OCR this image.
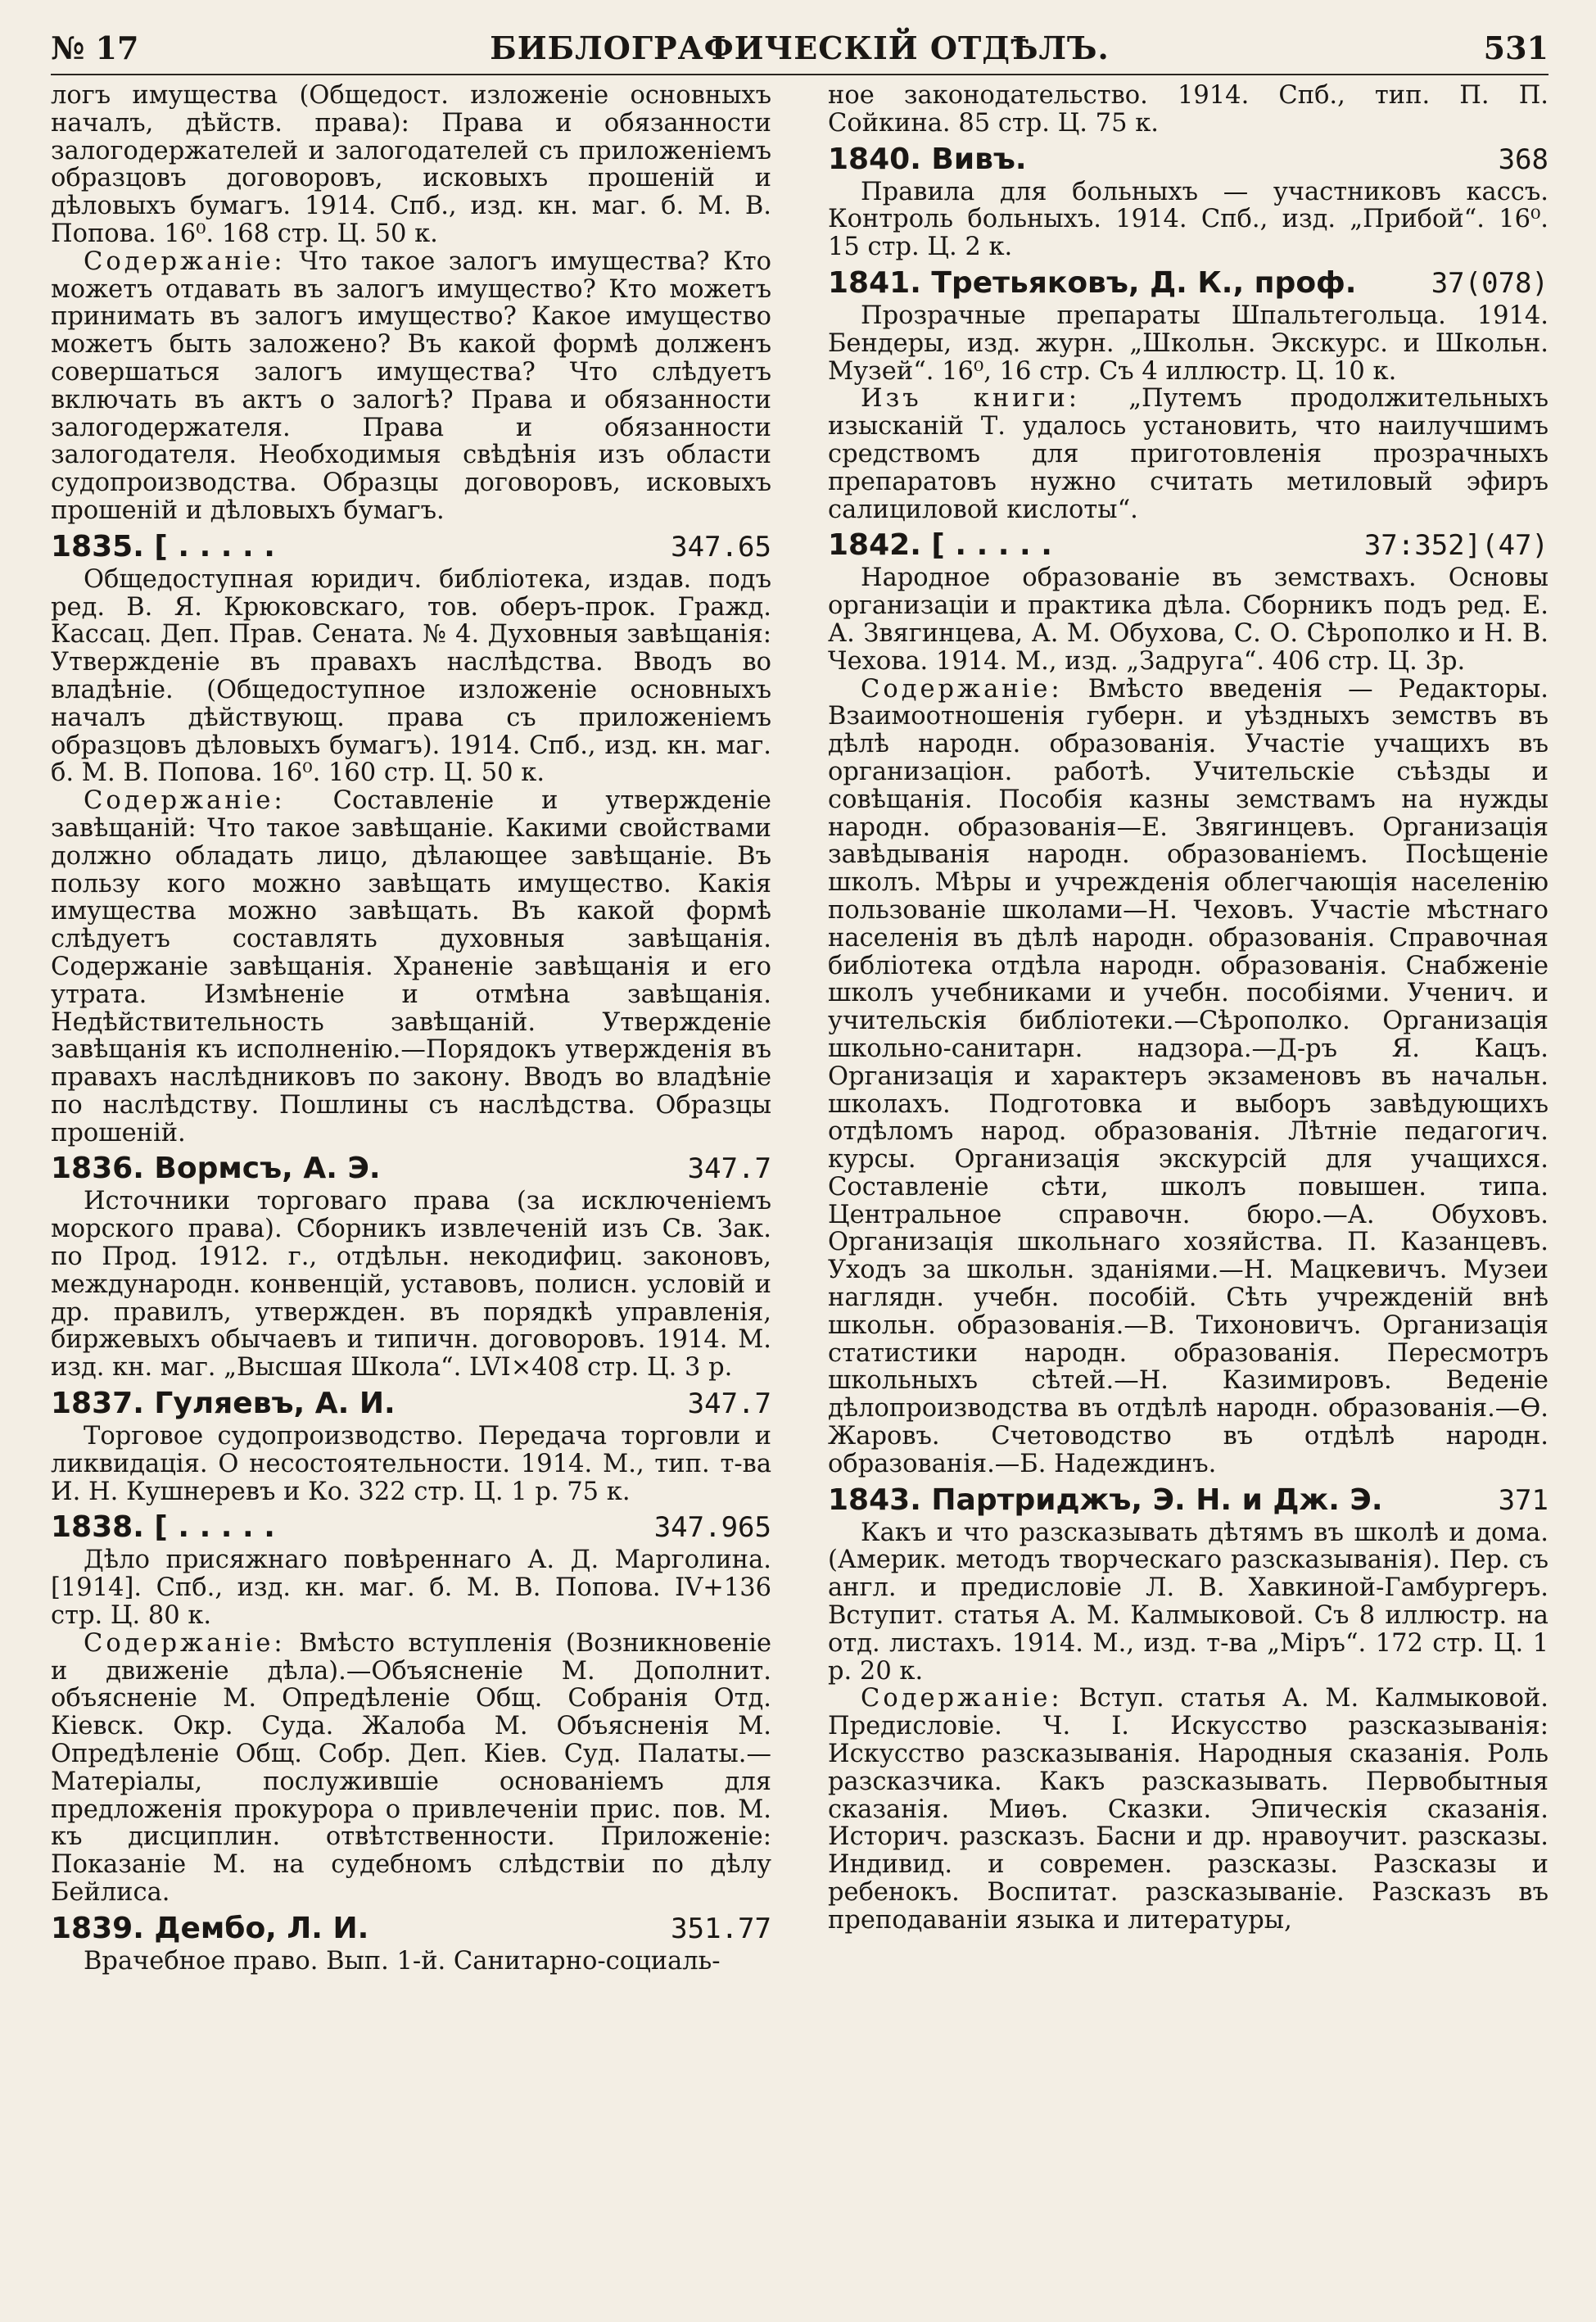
№ 17	БИБЛОГРАФИЧЕСКІЙ ОТДѢЛЪ.	531

логъ имущества (Общедост. изложенiе основныхъ началъ, дѣйств. права): Права и обязанности залогодержателей и залогодателей съ приложенiемъ образцовъ договоровъ, исковыхъ прошенiй и дѣловыхъ бумагъ. 1914. Спб., изд. кн. маг. б. М. В. Попова. 16⁰. 168 стр. Ц. 50 к.

Содержанiе: Что такое залогъ имущества? Кто можетъ отдавать въ залогъ имущество? Кто можетъ принимать въ залогъ имущество? Какое имущество можетъ быть заложено? Въ какой формѣ долженъ совершаться залогъ имущества? Что слѣдуетъ включать въ актъ о залогѣ? Права и обязанности залогодержателя. Права и обязанности залогодателя. Необходимыя свѣдѣнiя изъ области судопроизводства. Образцы договоровъ, исковыхъ прошенiй и дѣловыхъ бумагъ.

1835. [ . . . . .	347.65

Общедоступная юридич. библiотека, издав. подъ ред. В. Я. Крюковскаго, тов. оберъ-прок. Гражд. Кассац. Деп. Прав. Сената. № 4. Духовныя завѣщанiя: Утвержденiе въ правахъ наслѣдства. Вводъ во владѣнiе. (Общедоступное изложенiе основныхъ началъ дѣйствующ. права съ приложенiемъ образцовъ дѣловыхъ бумагъ). 1914. Спб., изд. кн. маг. б. М. В. Попова. 16⁰. 160 стр. Ц. 50 к.

Содержанiе: Составленiе и утвержденiе завѣщанiй: Что такое завѣщанiе. Какими свойствами должно обладать лицо, дѣлающее завѣщанiе. Въ пользу кого можно завѣщать имущество. Какiя имущества можно завѣщать. Въ какой формѣ слѣдуетъ составлять духовныя завѣщанiя. Содержанiе завѣщанiя. Храненiе завѣщанiя и его утрата. Измѣненiе и отмѣна завѣщанiя. Недѣйствительность завѣщанiй. Утвержденiе завѣщанiя къ исполненiю.—Порядокъ утвержденiя въ правахъ наслѣдниковъ по закону. Вводъ во владѣнiе по наслѣдству. Пошлины съ наслѣдства. Образцы прошенiй.

1836. Вормсъ, А. Э.	347.7

Источники торговаго права (за исключенiемъ морского права). Сборникъ извлеченiй изъ Св. Зак. по Прод. 1912. г., отдѣльн. некодифиц. законовъ, международн. конвенцiй, уставовъ, полисн. условiй и др. правилъ, утвержден. въ порядкѣ управленiя, биржевыхъ обычаевъ и типичн. договоровъ. 1914. М. изд. кн. маг. „Высшая Школа“. LVI×408 стр. Ц. 3 р.

1837. Гуляевъ, А. И.	347.7

Торговое судопроизводство. Передача торговли и ликвидацiя. О несостоятельности. 1914. М., тип. т-ва И. Н. Кушнеревъ и Ко. 322 стр. Ц. 1 р. 75 к.

1838. [ . . . . .	347.965

Дѣло присяжнаго повѣреннаго А. Д. Марголина. [1914]. Спб., изд. кн. маг. б. М. В. Попова. IV+136 стр. Ц. 80 к.

Содержанiе: Вмѣсто вступленiя (Возникновенiе и движенiе дѣла).—Объясненiе М. Дополнит. объясненiе М. Опредѣленiе Общ. Собранiя Отд. Кiевск. Окр. Суда. Жалоба М. Объясненiя М. Опредѣленiе Общ. Собр. Деп. Кiев. Суд. Палаты.—Матерiалы, послужившiе основанiемъ для предложенiя прокурора о привлеченiи прис. пов. М. къ дисциплин. отвѣтственности. Приложенiе: Показанiе М. на судебномъ слѣдствiи по дѣлу Бейлиса.

1839. Дембо, Л. И.	351.77

Врачебное право. Вып. 1-й. Санитарно-социаль-

ное законодательство. 1914. Спб., тип. П. П. Сойкина. 85 стр. Ц. 75 к.

1840. Вивъ.	368

Правила для больныхъ — участниковъ кассъ. Контроль больныхъ. 1914. Спб., изд. „Прибой“. 16⁰. 15 стр. Ц. 2 к.

1841. Третьяковъ, Д. К., проф.	37(078)

Прозрачные препараты Шпальтегольца. 1914. Бендеры, изд. журн. „Школьн. Экскурс. и Школьн. Музей“. 16⁰, 16 стр. Съ 4 иллюстр. Ц. 10 к.

Изъ книги: „Путемъ продолжительныхъ изысканiй Т. удалось установить, что наилучшимъ средствомъ для приготовленiя прозрачныхъ препаратовъ нужно считать метиловый эфиръ салициловой кислоты“.

1842. [ . . . . .	37:352](47)

Народное образованiе въ земствахъ. Основы организацiи и практика дѣла. Сборникъ подъ ред. Е. А. Звягинцева, А. М. Обухова, С. О. Сѣрополко и Н. В. Чехова. 1914. М., изд. „Задруга“. 406 стр. Ц. 3р.

Содержанiе: Вмѣсто введенiя — Редакторы. Взаимоотношенiя губерн. и уѣздныхъ земствъ въ дѣлѣ народн. образованiя. Участiе учащихъ въ организацiон. работѣ. Учительскiе съѣзды и совѣщанiя. Пособiя казны земствамъ на нужды народн. образованiя—Е. Звягинцевъ. Организацiя завѣдыванiя народн. образованiемъ. Посѣщенiе школъ. Мѣры и учрежденiя облегчающiя населенiю пользованiе школами—Н. Чеховъ. Участiе мѣстнаго населенiя въ дѣлѣ народн. образованiя. Справочная библiотека отдѣла народн. образованiя. Снабженiе школъ учебниками и учебн. пособiями. Ученич. и учительскiя библiотеки.—Сѣрополко. Организацiя школьно-санитарн. надзора.—Д-ръ Я. Кацъ. Организацiя и характеръ экзаменовъ въ начальн. школахъ. Подготовка и выборъ завѣдующихъ отдѣломъ народ. образованiя. Лѣтнiе педагогич. курсы. Организацiя экскурсiй для учащихся. Составленiе сѣти, школъ повышен. типа. Центральное справочн. бюро.—А. Обуховъ. Организацiя школьнаго хозяйства. П. Казанцевъ. Уходъ за школьн. зданiями.—Н. Мацкевичъ. Музеи наглядн. учебн. пособiй. Сѣть учрежденiй внѣ школьн. образованiя.—В. Тихоновичъ. Организацiя статистики народн. образованiя. Пересмотръ школьныхъ сѣтей.—Н. Казимировъ. Веденiе дѣлопроизводства въ отдѣлѣ народн. образованiя.—Ѳ. Жаровъ. Счетоводство въ отдѣлѣ народн. образованiя.—Б. Надеждинъ.

1843. Партриджъ, Э. Н. и Дж. Э.	371

Какъ и что разсказывать дѣтямъ въ школѣ и дома. (Америк. методъ творческаго разсказыванiя). Пер. съ англ. и предисловiе Л. В. Хавкиной-Гамбургеръ. Вступит. статья А. М. Калмыковой. Съ 8 иллюстр. на отд. листахъ. 1914. М., изд. т-ва „Мiръ“. 172 стр. Ц. 1 р. 20 к.

Содержанiе: Вступ. статья А. М. Калмыковой. Предисловiе. Ч. I. Искусство разсказыванiя: Искусство разсказыванiя. Народныя сказанiя. Роль разсказчика. Какъ разсказывать. Первобытныя сказанiя. Миѳъ. Сказки. Эпическiя сказанiя. Историч. разсказъ. Басни и др. нравоучит. разсказы. Индивид. и современ. разсказы. Разсказы и ребенокъ. Воспитат. разсказыванiе. Разсказъ въ преподаванiи языка и литературы,
